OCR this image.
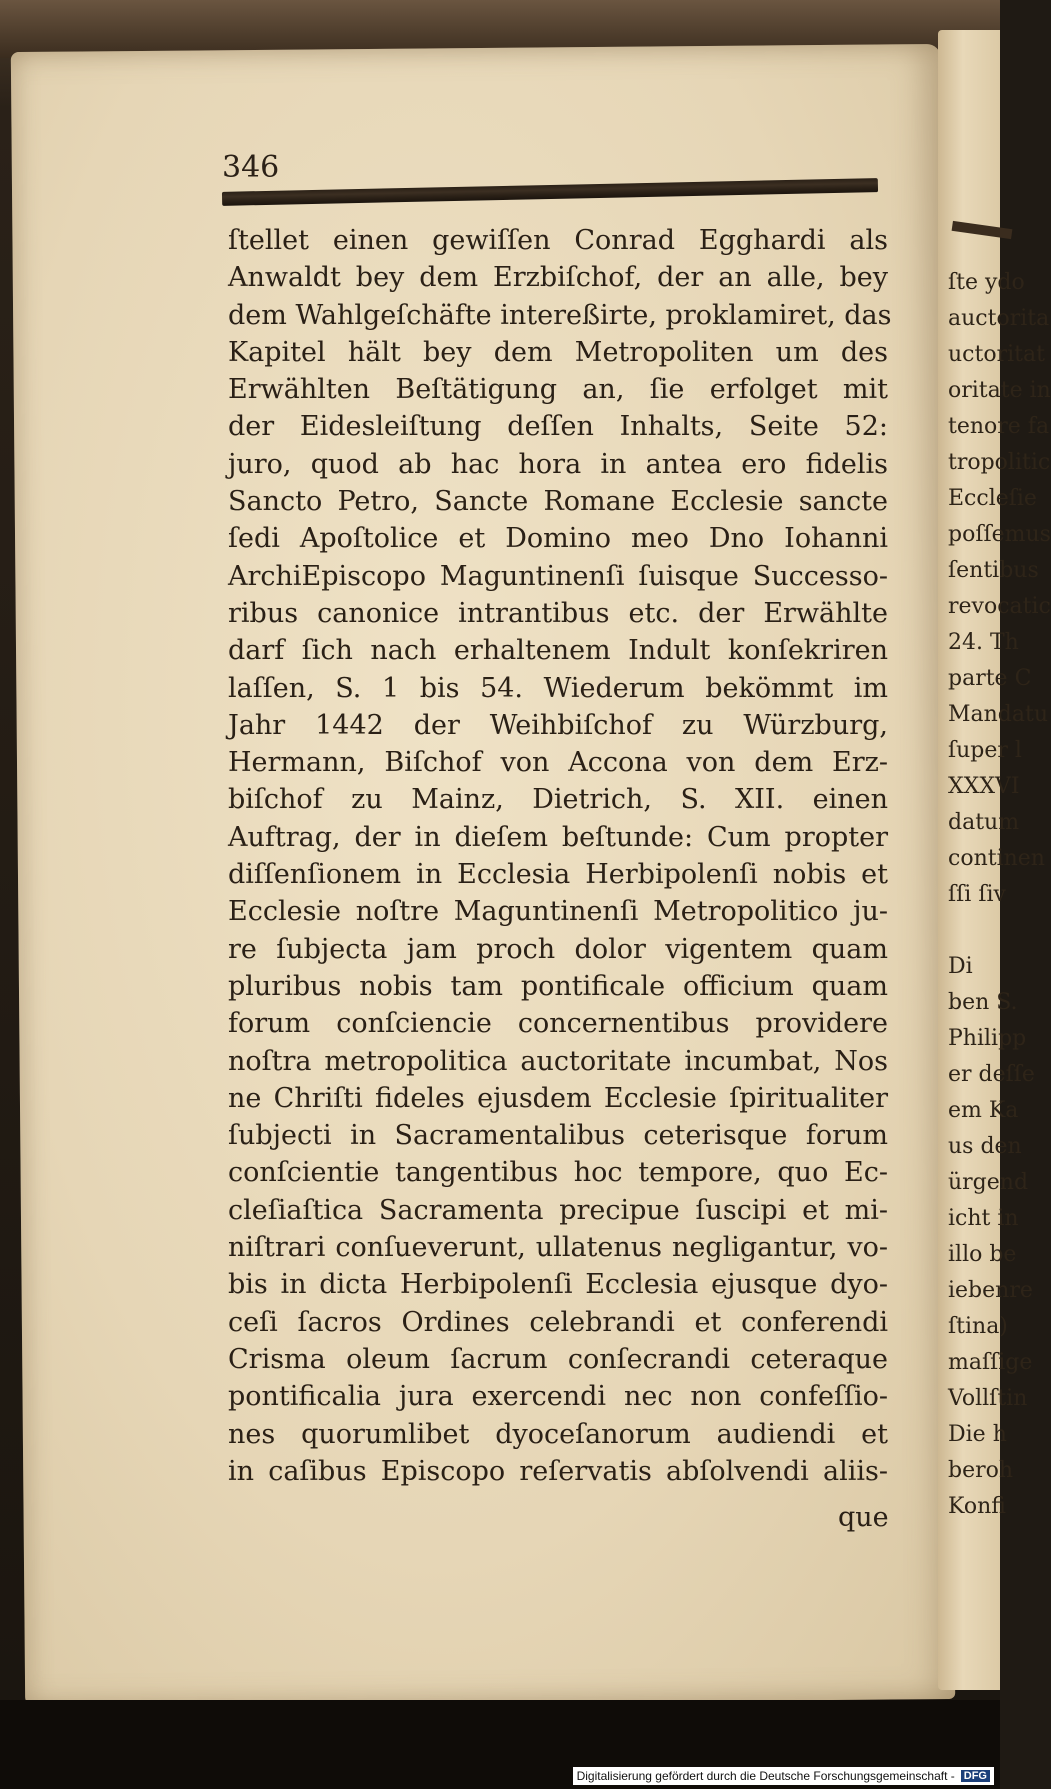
ſte ydo
auctorita
uctoritat
oritate in
tenore fa
tropolitic
Eccleſie
poſſemus
ſentibus
revocatic
24. Th
parte C
Mandatu
ſuper l
XXXVI
datum
continen
ſſi ſiv
Di
ben S.
Philipp
er deſſe
em Ka
us den
ürgend
icht in
illo be
iebenre
ſtina)
maſſige
Vollſtin
Die h
beroh
Konfi
346
ſtellet einen gewiſſen Conrad Egghardi als
Anwaldt bey dem Erzbiſchof, der an alle, bey
dem Wahlgeſchäfte intereßirte, proklamiret, das
Kapitel hält bey dem Metropoliten um des
Erwählten Beſtätigung an, ſie erfolget mit
der Eidesleiſtung deſſen Inhalts, Seite 52:
juro, quod ab hac hora in antea ero fidelis
Sancto Petro, Sancte Romane Ecclesie sancte
ſedi Apoſtolice et Domino meo Dno Iohanni
ArchiEpiscopo Maguntinenſi ſuisque Successo-
ribus canonice intrantibus etc. der Erwählte
darf ſich nach erhaltenem Indult konſekriren
laſſen, S. 1 bis 54. Wiederum bekömmt im
Jahr 1442 der Weihbiſchof zu Würzburg,
Hermann, Biſchof von Accona von dem Erz-
biſchof zu Mainz, Dietrich, S. XII. einen
Auftrag, der in dieſem beſtunde: Cum propter
diſſenſionem in Ecclesia Herbipolenſi nobis et
Ecclesie noſtre Maguntinenſi Metropolitico ju-
re ſubjecta jam proch dolor vigentem quam
pluribus nobis tam pontificale officium quam
forum conſciencie concernentibus providere
noſtra metropolitica auctoritate incumbat, Nos
ne Chriſti fideles ejusdem Ecclesie ſpiritualiter
ſubjecti in Sacramentalibus ceterisque forum
conſcientie tangentibus hoc tempore, quo Ec-
cleſiaſtica Sacramenta precipue ſuscipi et mi-
niſtrari conſueverunt, ullatenus negligantur, vo-
bis in dicta Herbipolenſi Ecclesia ejusque dyo-
ceſi ſacros Ordines celebrandi et conferendi
Crisma oleum ſacrum conſecrandi ceteraque
pontificalia jura exercendi nec non confeſſio-
nes quorumlibet dyoceſanorum audiendi et
in caſibus Episcopo reſervatis abſolvendi aliis-
que
Digitalisierung gefördert durch die Deutsche Forschungsgemeinschaft - DFG
